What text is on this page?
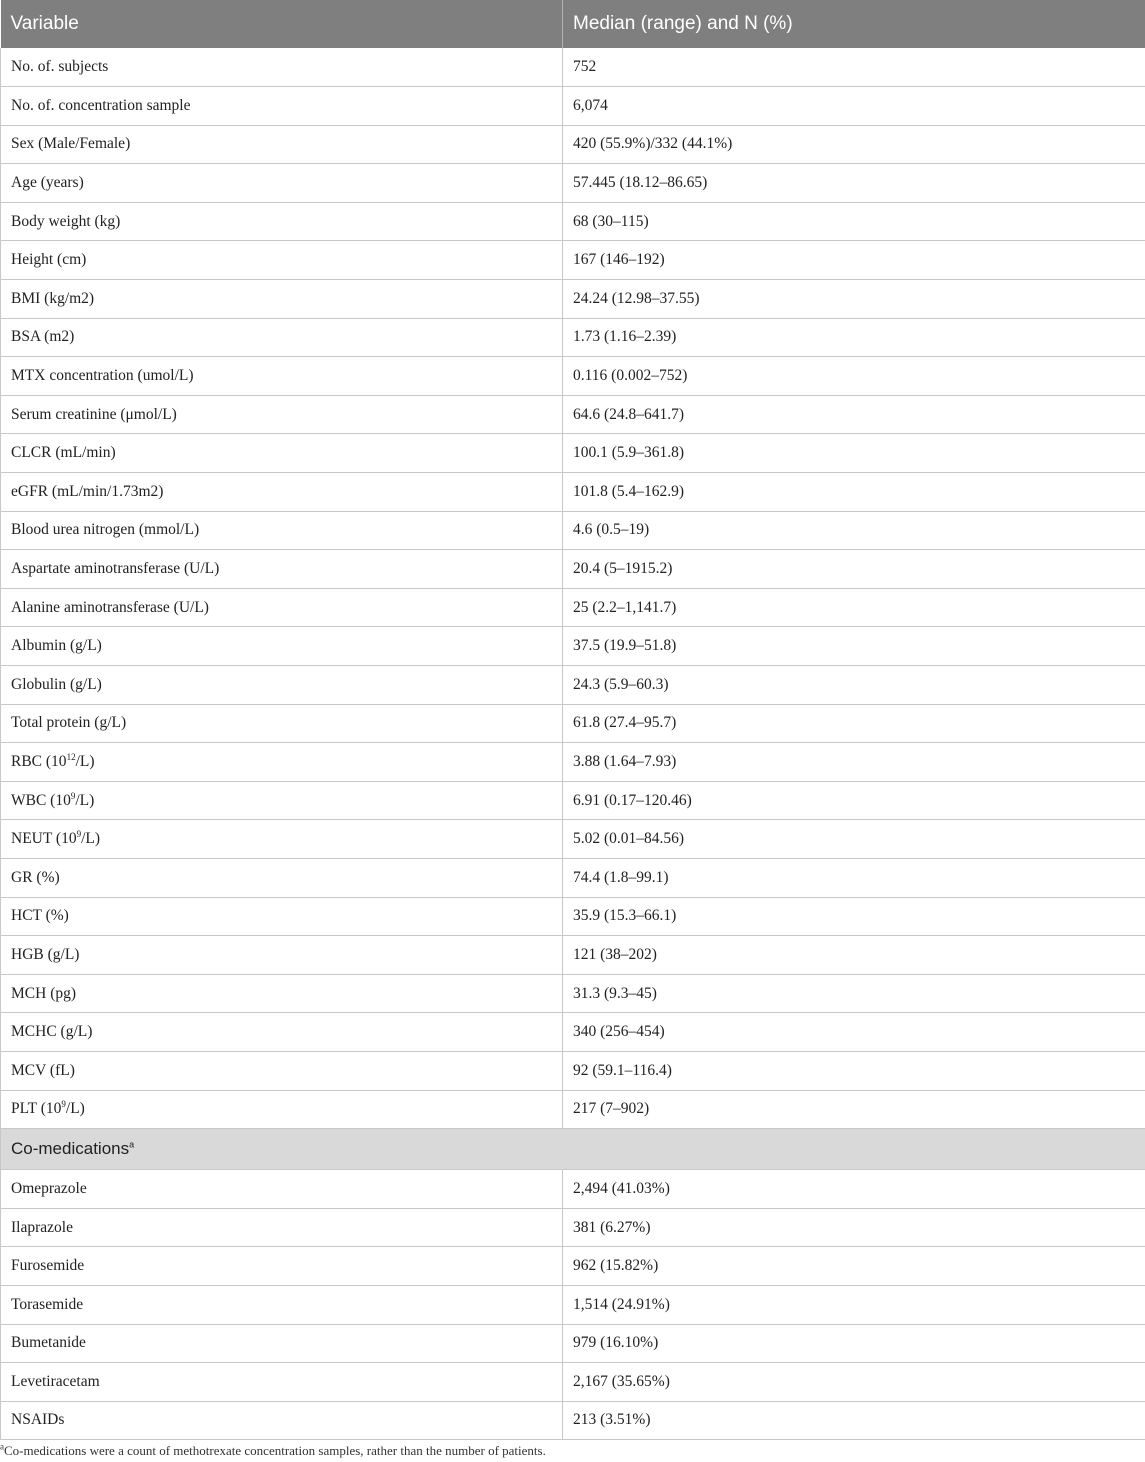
Variable	Median (range) and N (%)
No. of. subjects	752
No. of. concentration sample	6,074
Sex (Male/Female)	420 (55.9%)/332 (44.1%)
Age (years)	57.445 (18.12–86.65)
Body weight (kg)	68 (30–115)
Height (cm)	167 (146–192)
BMI (kg/m2)	24.24 (12.98–37.55)
BSA (m2)	1.73 (1.16–2.39)
MTX concentration (umol/L)	0.116 (0.002–752)
Serum creatinine (μmol/L)	64.6 (24.8–641.7)
CLCR (mL/min)	100.1 (5.9–361.8)
eGFR (mL/min/1.73m2)	101.8 (5.4–162.9)
Blood urea nitrogen (mmol/L)	4.6 (0.5–19)
Aspartate aminotransferase (U/L)	20.4 (5–1915.2)
Alanine aminotransferase (U/L)	25 (2.2–1,141.7)
Albumin (g/L)	37.5 (19.9–51.8)
Globulin (g/L)	24.3 (5.9–60.3)
Total protein (g/L)	61.8 (27.4–95.7)
RBC $(10^{12}/L)$	3.88 (1.64–7.93)
WBC $(10^9/L)$	6.91 (0.17–120.46)
NEUT $(10^9/L)$	5.02 (0.01–84.56)
GR (%)	74.4 (1.8–99.1)
HCT (%)	35.9 (15.3–66.1)
HGB (g/L)	121 (38–202)
MCH (pg)	31.3 (9.3–45)
MCHC (g/L)	340 (256–454)
MCV (fL)	92 (59.1–116.4)
PLT $(10^9/L)$	217 (7–902)
Co-medications$^a$
Omeprazole	2,494 (41.03%)
Ilaprazole	381 (6.27%)
Furosemide	962 (15.82%)
Torasemide	1,514 (24.91%)
Bumetanide	979 (16.10%)
Levetiracetam	2,167 (35.65%)
NSAIDs	213 (3.51%)
$^a$Co-medications were a count of methotrexate concentration samples, rather than the number of patients.
